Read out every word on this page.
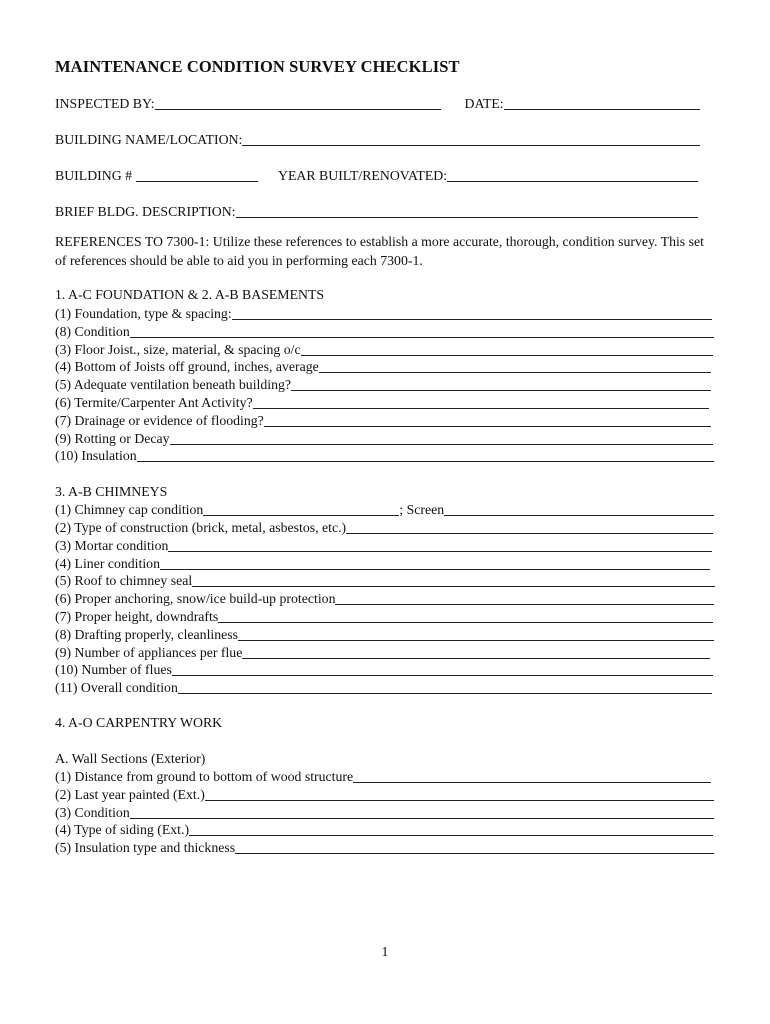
MAINTENANCE CONDITION SURVEY CHECKLIST
INSPECTED BY:	DATE:
BUILDING NAME/LOCATION:
BUILDING #	YEAR BUILT/RENOVATED:
BRIEF BLDG. DESCRIPTION:
REFERENCES TO 7300-1: Utilize these references to establish a more accurate, thorough, condition survey. This set of references should be able to aid you in performing each 7300-1.
1. A-C FOUNDATION & 2. A-B BASEMENTS
(1) Foundation, type & spacing:
(8) Condition
(3) Floor Joist., size, material, & spacing o/c
(4) Bottom of Joists off ground, inches, average
(5) Adequate ventilation beneath building?
(6) Termite/Carpenter Ant Activity?
(7) Drainage or evidence of flooding?
(9) Rotting or Decay
(10) Insulation
3. A-B CHIMNEYS
(1) Chimney cap condition	; Screen
(2) Type of construction (brick, metal, asbestos, etc.)
(3) Mortar condition
(4) Liner condition
(5) Roof to chimney seal
(6) Proper anchoring, snow/ice build-up protection
(7) Proper height, downdrafts
(8) Drafting properly, cleanliness
(9) Number of appliances per flue
(10) Number of flues
(11) Overall condition
4. A-O CARPENTRY WORK
A. Wall Sections (Exterior)
(1) Distance from ground to bottom of wood structure
(2) Last year painted (Ext.)
(3) Condition
(4) Type of siding (Ext.)
(5) Insulation type and thickness
1
